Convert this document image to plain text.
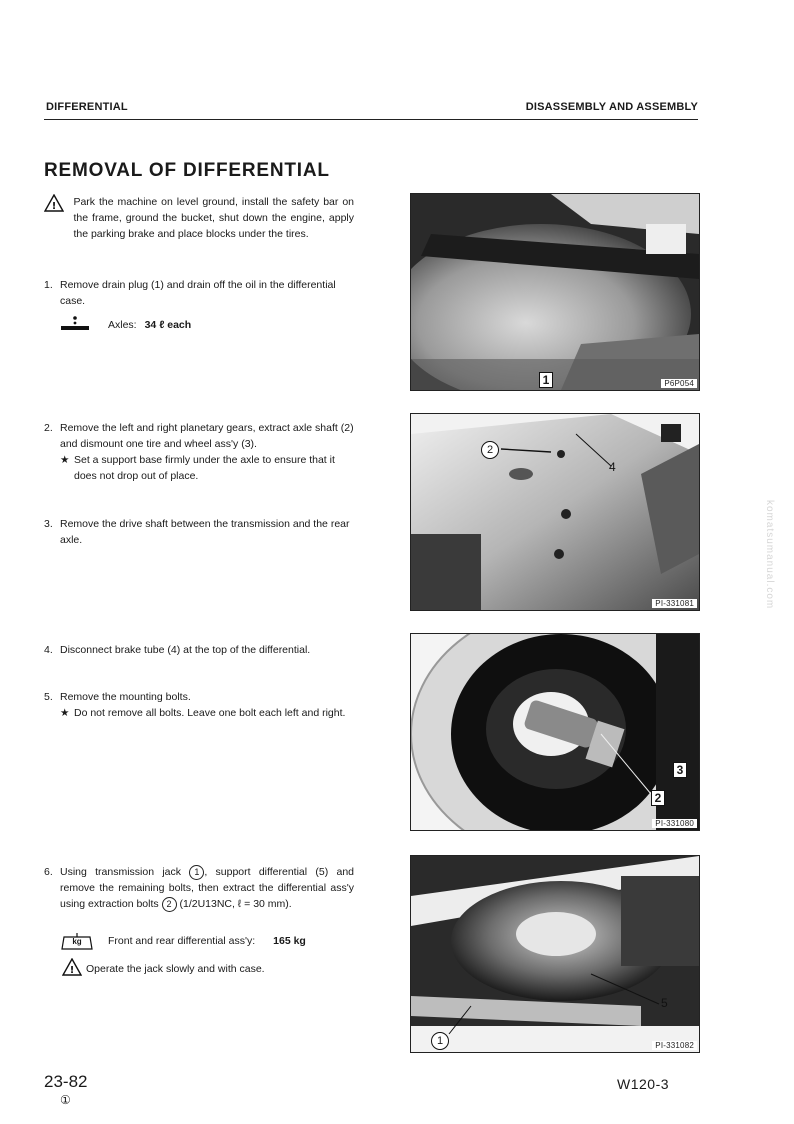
DIFFERENTIAL	DISASSEMBLY AND ASSEMBLY
REMOVAL OF DIFFERENTIAL
!	Park the machine on level ground, install the safety bar on the frame, ground the bucket, shut down the engine, apply the parking brake and place blocks under the tires.
1. Remove drain plug (1) and drain off the oil in the differential case.
Axles: 34 ℓ each
2. Remove the left and right planetary gears, extract axle shaft (2) and dismount one tire and wheel ass'y (3).
★ Set a support base firmly under the axle to ensure that it does not drop out of place.
3. Remove the drive shaft between the transmission and the rear axle.
4. Disconnect brake tube (4) at the top of the differential.
5. Remove the mounting bolts.
★ Do not remove all bolts. Leave one bolt each left and right.
6. Using transmission jack 1 , support differential (5) and remove the remaining bolts, then extract the differential ass'y using extraction bolts 2 (1/2U13NC, ℓ = 30 mm).
kg	Front and rear differential ass'y: 165 kg
! Operate the jack slowly and with case.
1	P6P054
2
4
PI-331081
3
2
PI-331080
1
5
PI-331082
komatsumanual.com
23-82
①
W120-3
